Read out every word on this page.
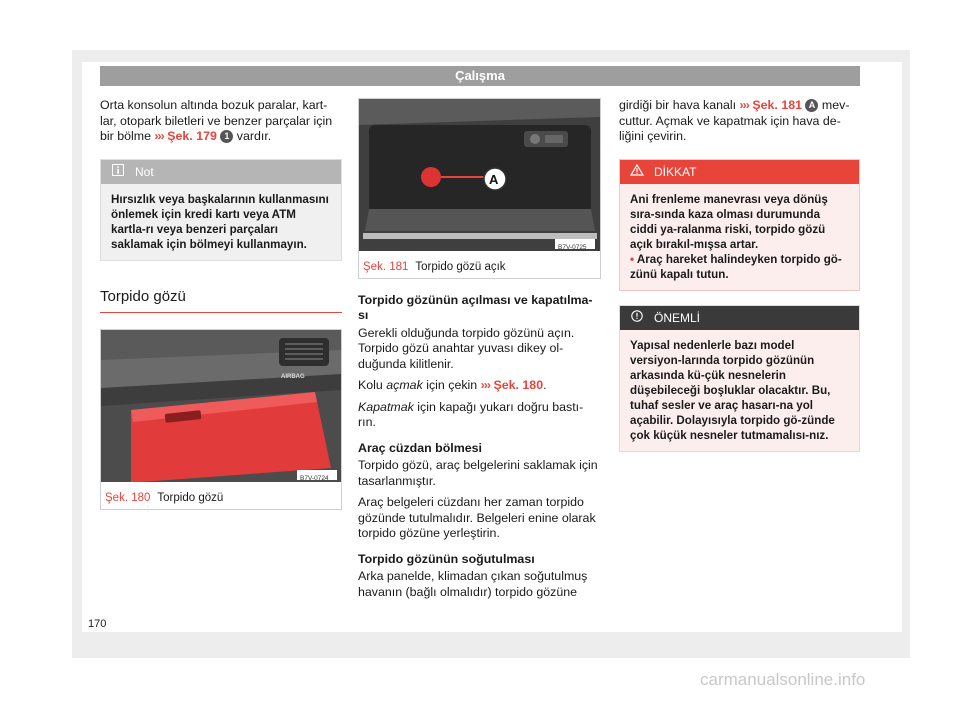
Çalışma

Orta konsolun altında bozuk paralar, kart-lar, otopark biletleri ve benzer parçalar için bir bölme ››› Şek. 179 1 vardır.

Not
Hırsızlık veya başkalarının kullanmasını önlemek için kredi kartı veya ATM kartla-rı veya benzeri parçaları saklamak için bölmeyi kullanmayın.
Torpido gözü
AIRBAG
B7V-0724
Şek. 180 Torpido gözü
A
B7V-0725
Şek. 181 Torpido gözü açık
Torpido gözünün açılması ve kapatılma-sı

Gerekli olduğunda torpido gözünü açın. Torpido gözü anahtar yuvası dikey ol-duğunda kilitlenir.

Kolu açmak için çekin ››› Şek. 180.

Kapatmak için kapağı yukarı doğru bastı-rın.

Araç cüzdan bölmesi

Torpido gözü, araç belgelerini saklamak için tasarlanmıştır.

Araç belgeleri cüzdanı her zaman torpido gözünde tutulmalıdır. Belgeleri enine olarak torpido gözüne yerleştirin.

Torpido gözünün soğutulması

Arka panelde, klimadan çıkan soğutulmuş havanın (bağlı olmalıdır) torpido gözüne

girdiği bir hava kanalı ››› Şek. 181 A mev-cuttur. Açmak ve kapatmak için hava de-liğini çevirin.

DİKKAT
Ani frenleme manevrası veya dönüş sıra-sında kaza olması durumunda ciddi ya-ralanma riski, torpido gözü açık bırakıl-mışsa artar.
• Araç hareket halindeyken torpido gö-zünü kapalı tutun.
ÖNEMLİ
Yapısal nedenlerle bazı model versiyon-larında torpido gözünün arkasında kü-çük nesnelerin düşebileceği boşluklar olacaktır. Bu, tuhaf sesler ve araç hasarı-na yol açabilir. Dolayısıyla torpido gö-zünde çok küçük nesneler tutmamalısı-nız.
170
carmanualsonline.info
